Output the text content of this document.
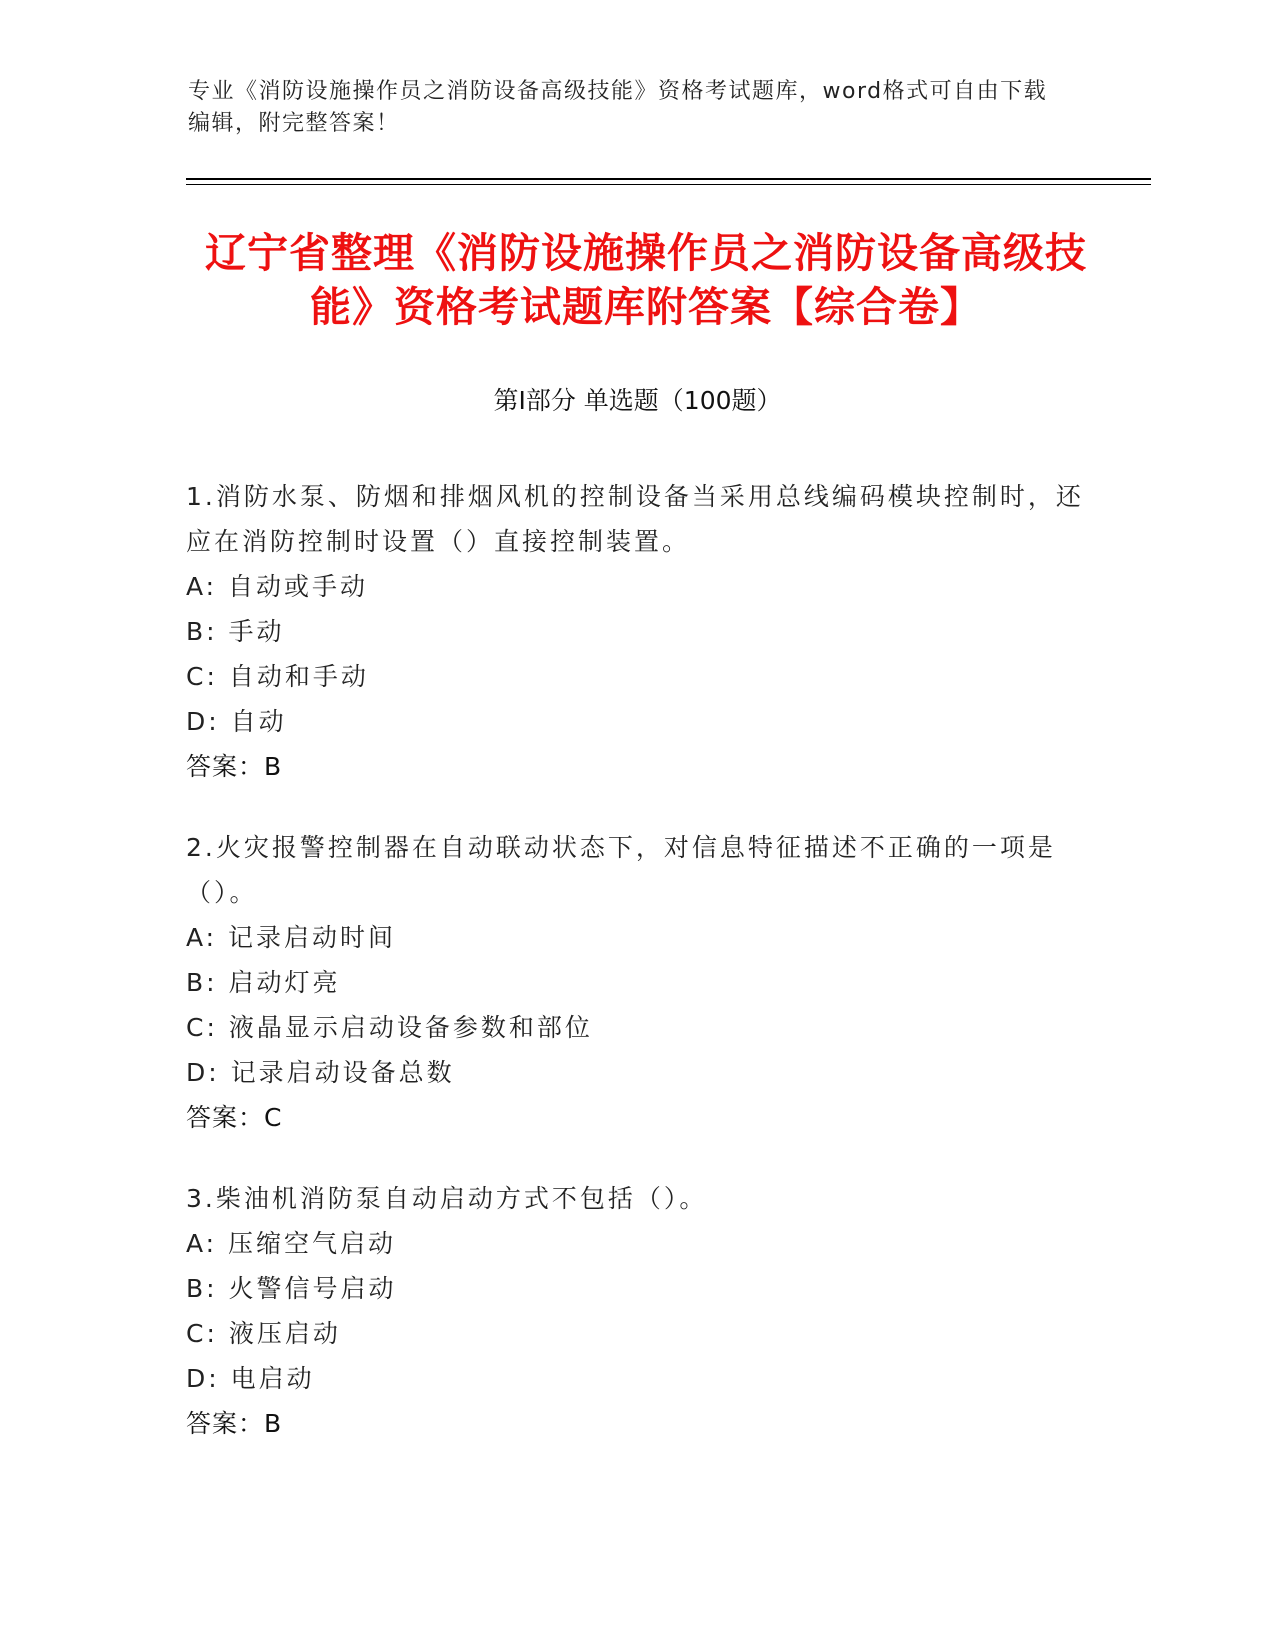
专业《消防设施操作员之消防设备高级技能》资格考试题库，word格式可自由下载编辑，附完整答案！
辽宁省整理《消防设施操作员之消防设备高级技能》资格考试题库附答案【综合卷】
第Ⅰ部分 单选题（100题）
1.消防水泵、防烟和排烟风机的控制设备当采用总线编码模块控制时，还应在消防控制时设置（）直接控制装置。
A: 自动或手动
B: 手动
C: 自动和手动
D: 自动
答案：B
2.火灾报警控制器在自动联动状态下，对信息特征描述不正确的一项是（）。
A: 记录启动时间
B: 启动灯亮
C: 液晶显示启动设备参数和部位
D: 记录启动设备总数
答案：C
3.柴油机消防泵自动启动方式不包括（）。
A: 压缩空气启动
B: 火警信号启动
C: 液压启动
D: 电启动
答案：B
